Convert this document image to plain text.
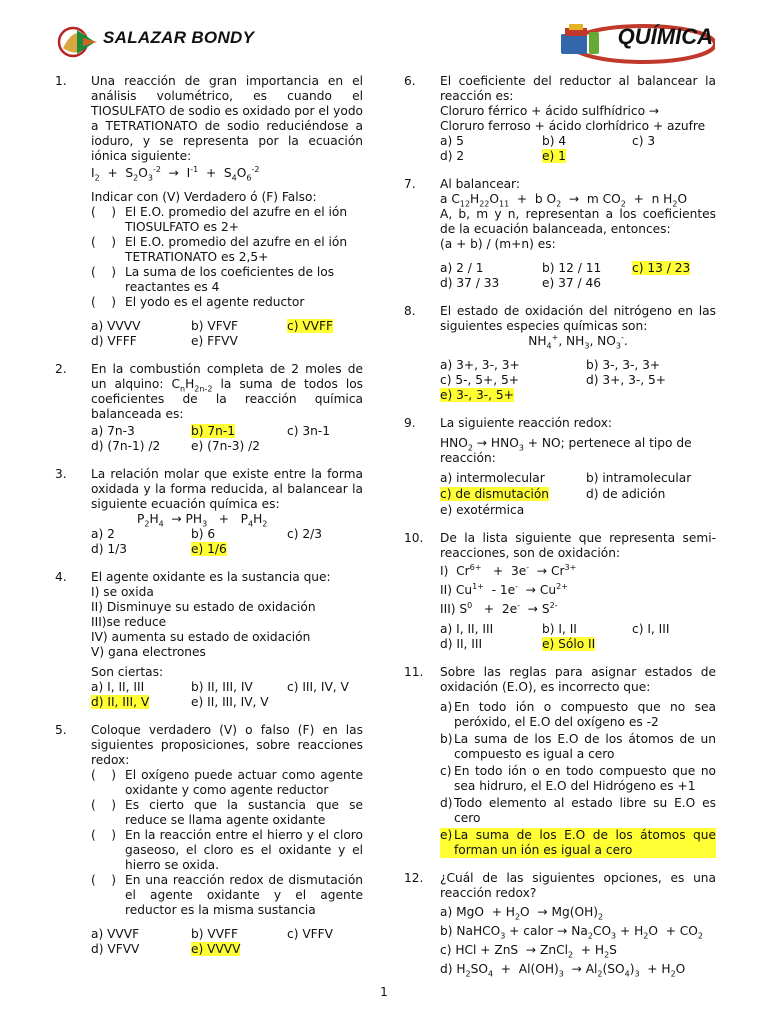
SALAZAR BONDY	QUÍMICA
1. Una reacción de gran importancia en el análisis volumétrico, es cuando el TIOSULFATO de sodio es oxidado por el yodo a TETRATIONATO de sodio reduciéndose a ioduro, y se representa por la ecuación iónica siguiente:
$I_2 + S_2O_3^{-2} \to I^{-1} + S_4O_6^{-2}$
Indicar con (V) Verdadero ó (F) Falso:
(    ) El E.O. promedio del azufre en el ión TIOSULFATO es 2+
(    ) El E.O. promedio del azufre en el ión TETRATIONATO es 2,5+
(    ) La suma de los coeficientes de los reactantes es 4
(    ) El yodo es el agente reductor
a) VVVV	b) VFVF	c) VVFF
d) VFFF	e) FFVV
2. En la combustión completa de 2 moles de un alquino: $C_nH_{2n-2}$ la suma de todos los coeficientes de la reacción química balanceada es:
a) 7n-3	b) 7n-1	c) 3n-1
d) (7n-1) /2	e) (7n-3) /2
3. La relación molar que existe entre la forma oxidada y la forma reducida, al balancear la siguiente ecuación química es:
$P_2H_4 \to PH_3 + P_4H_2$
a) 2	b) 6	c) 2/3
d) 1/3	e) 1/6
4. El agente oxidante es la sustancia que:
I) se oxida
II) Disminuye su estado de oxidación
III)se reduce
IV) aumenta su estado de oxidación
V) gana electrones
Son ciertas:
a) I, II, III	b) II, III, IV	c) III, IV, V
d) II, III, V	e) II, III, IV, V
5. Coloque verdadero (V) o falso (F) en las siguientes proposiciones, sobre reacciones redox:
(    ) El oxígeno puede actuar como agente oxidante y como agente reductor
(    ) Es cierto que la sustancia que se reduce se llama agente oxidante
(    ) En la reacción entre el hierro y el cloro gaseoso, el cloro es el oxidante y el hierro se oxida.
(    ) En una reacción redox de dismutación el agente oxidante y el agente reductor es la misma sustancia
a) VVVF	b) VVFF	c) VFFV
d) VFVV	e) VVVV
6. El coeficiente del reductor al balancear la reacción es:
Cloruro férrico + ácido sulfhídrico →
Cloruro ferroso + ácido clorhídrico + azufre
a) 5	b) 4	c) 3
d) 2	e) 1
7. Al balancear:
a $C_{12}H_{22}O_{11} + b$ $O_2 \to m$ $CO_2 + n$ $H_2O$
A, b, m y n, representan a los coeficientes de la ecuación balanceada, entonces:
(a + b) / (m+n) es:
a) 2 / 1	b) 12 / 11	c) 13 / 23
d) 37 / 33	e) 37 / 46
8. El estado de oxidación del nitrógeno en las siguientes especies químicas son:
$NH_4^+$, $NH_3$, $NO_3^-$.
a) 3+, 3-, 3+	b) 3-, 3-, 3+
c) 5-, 5+, 5+	d) 3+, 3-, 5+
e) 3-, 3-, 5+
9. La siguiente reacción redox:
$HNO_2 \to HNO_3$ + NO; pertenece al tipo de reacción:
a) intermolecular	b) intramolecular
c) de dismutación	d) de adición
e) exotérmica
10. De la lista siguiente que representa semi-reacciones, son de oxidación:
I)  $Cr^{6+} + 3e^- \to Cr^{3+}$
II) $Cu^{1+} - 1e^- \to Cu^{2+}$
III) $S^0 + 2e^- \to S^{2-}$
a) I, II, III	b) I, II	c) I, III
d) II, III	e) Sólo II
11. Sobre las reglas para asignar estados de oxidación (E.O), es incorrecto que:
a) En todo ión o compuesto que no sea peróxido, el E.O del oxígeno es -2
b) La suma de los E.O de los átomos de un compuesto es igual a cero
c) En todo ión o en todo compuesto que no sea hidruro, el E.O del Hidrógeno es +1
d) Todo elemento al estado libre su E.O es cero
e) La suma de los E.O de los átomos que forman un ión es igual a cero
12. ¿Cuál de las siguientes opciones, es una reacción redox?
a) MgO  + $H_2O \to Mg(OH)_2$
b) NaHCO$_3$ + calor → $Na_2CO_3 + H_2O + CO_2$
c) HCl + ZnS  → ZnCl$_2$  + $H_2S$
d) $H_2SO_4 + Al(OH)_3 \to Al_2(SO_4)_3 + H_2O$
1
